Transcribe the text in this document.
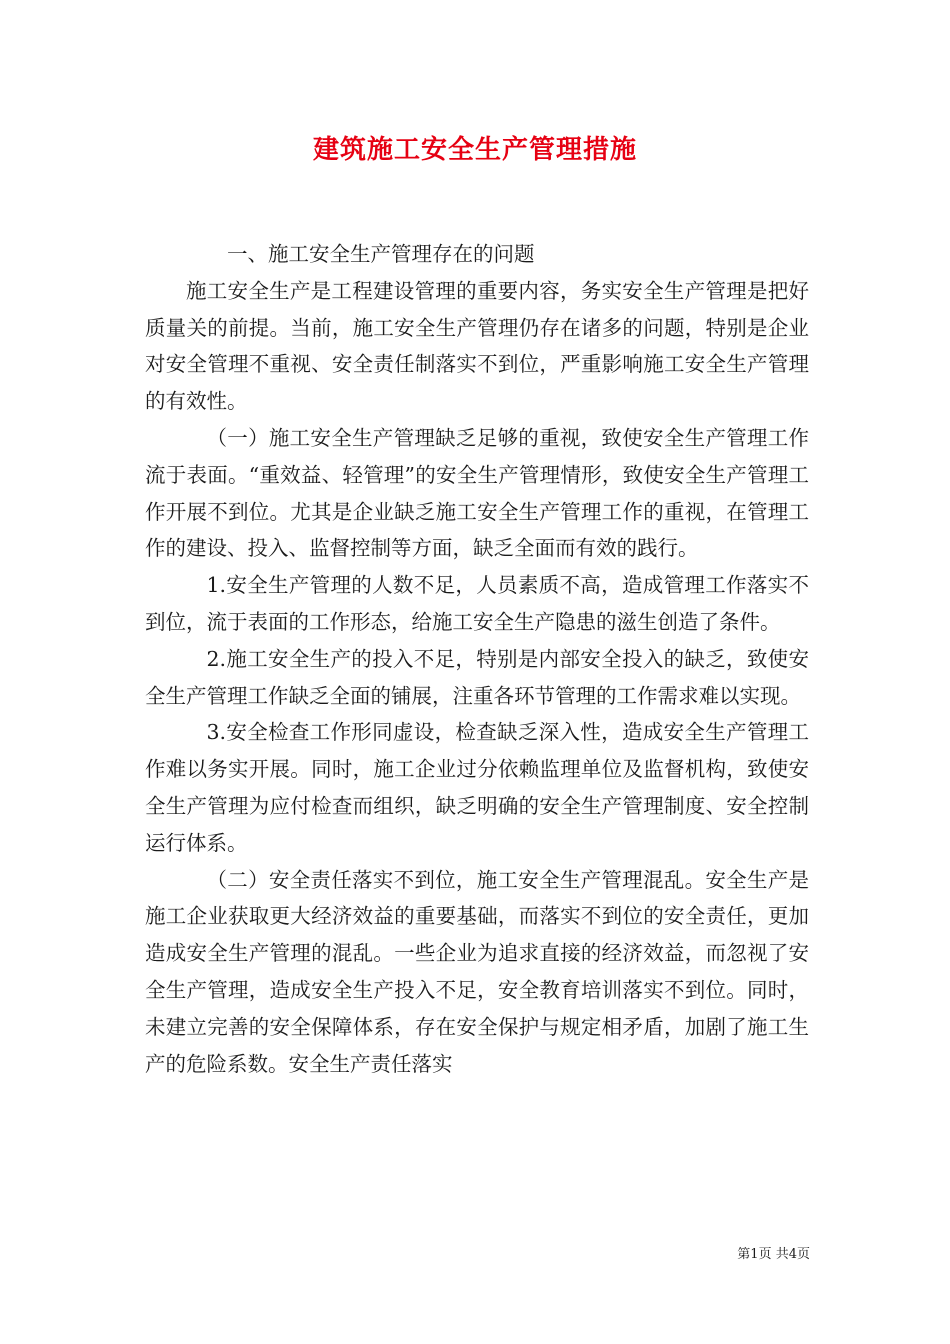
建筑施工安全生产管理措施

一、施工安全生产管理存在的问题

施工安全生产是工程建设管理的重要内容，务实安全生产管理是把好质量关的前提。当前，施工安全生产管理仍存在诸多的问题，特别是企业对安全管理不重视、安全责任制落实不到位，严重影响施工安全生产管理的有效性。

（一）施工安全生产管理缺乏足够的重视，致使安全生产管理工作流于表面。“重效益、轻管理”的安全生产管理情形，致使安全生产管理工作开展不到位。尤其是企业缺乏施工安全生产管理工作的重视，在管理工作的建设、投入、监督控制等方面，缺乏全面而有效的践行。

1.安全生产管理的人数不足，人员素质不高，造成管理工作落实不到位，流于表面的工作形态，给施工安全生产隐患的滋生创造了条件。

2.施工安全生产的投入不足，特别是内部安全投入的缺乏，致使安全生产管理工作缺乏全面的铺展，注重各环节管理的工作需求难以实现。

3.安全检查工作形同虚设，检查缺乏深入性，造成安全生产管理工作难以务实开展。同时，施工企业过分依赖监理单位及监督机构，致使安全生产管理为应付检查而组织，缺乏明确的安全生产管理制度、安全控制运行体系。

（二）安全责任落实不到位，施工安全生产管理混乱。安全生产是施工企业获取更大经济效益的重要基础，而落实不到位的安全责任，更加造成安全生产管理的混乱。一些企业为追求直接的经济效益，而忽视了安全生产管理，造成安全生产投入不足，安全教育培训落实不到位。同时，未建立完善的安全保障体系，存在安全保护与规定相矛盾，加剧了施工生产的危险系数。安全生产责任落实

第1页 共4页
